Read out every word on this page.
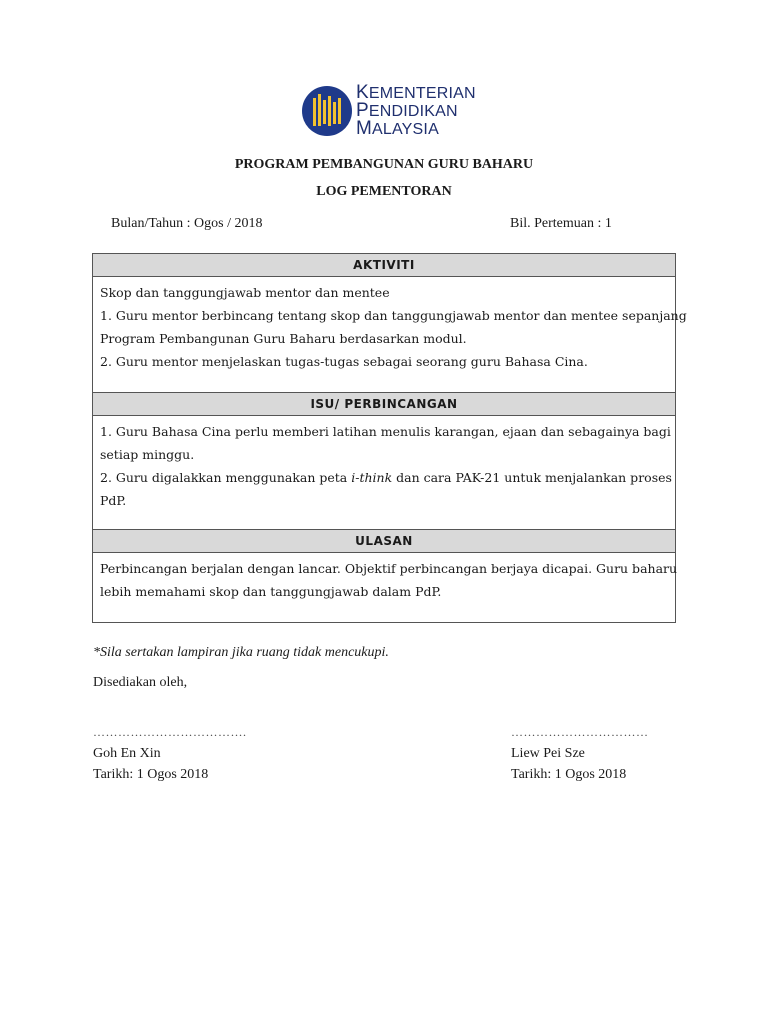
KEMENTERIAN
PENDIDIKAN
MALAYSIA
PROGRAM PEMBANGUNAN GURU BAHARU
LOG PEMENTORAN
Bulan/Tahun : Ogos / 2018	Bil. Pertemuan : 1
AKTIVITI
Skop dan tanggungjawab mentor dan mentee
1. Guru mentor berbincang tentang skop dan tanggungjawab mentor dan mentee sepanjang
Program Pembangunan Guru Baharu berdasarkan modul.
2. Guru mentor menjelaskan tugas-tugas sebagai seorang guru Bahasa Cina.
ISU/ PERBINCANGAN
1. Guru Bahasa Cina perlu memberi latihan menulis karangan, ejaan dan sebagainya bagi
setiap minggu.
2. Guru digalakkan menggunakan peta i-think dan cara PAK-21 untuk menjalankan proses
PdP.
ULASAN
Perbincangan berjalan dengan lancar. Objektif perbincangan berjaya dicapai. Guru baharu
lebih memahami skop dan tanggungjawab dalam PdP.
*Sila sertakan lampiran jika ruang tidak mencukupi.
Disediakan oleh,
……………………………….
Goh En Xin
Tarikh: 1 Ogos 2018
……………………………
Liew Pei Sze
Tarikh: 1 Ogos 2018
